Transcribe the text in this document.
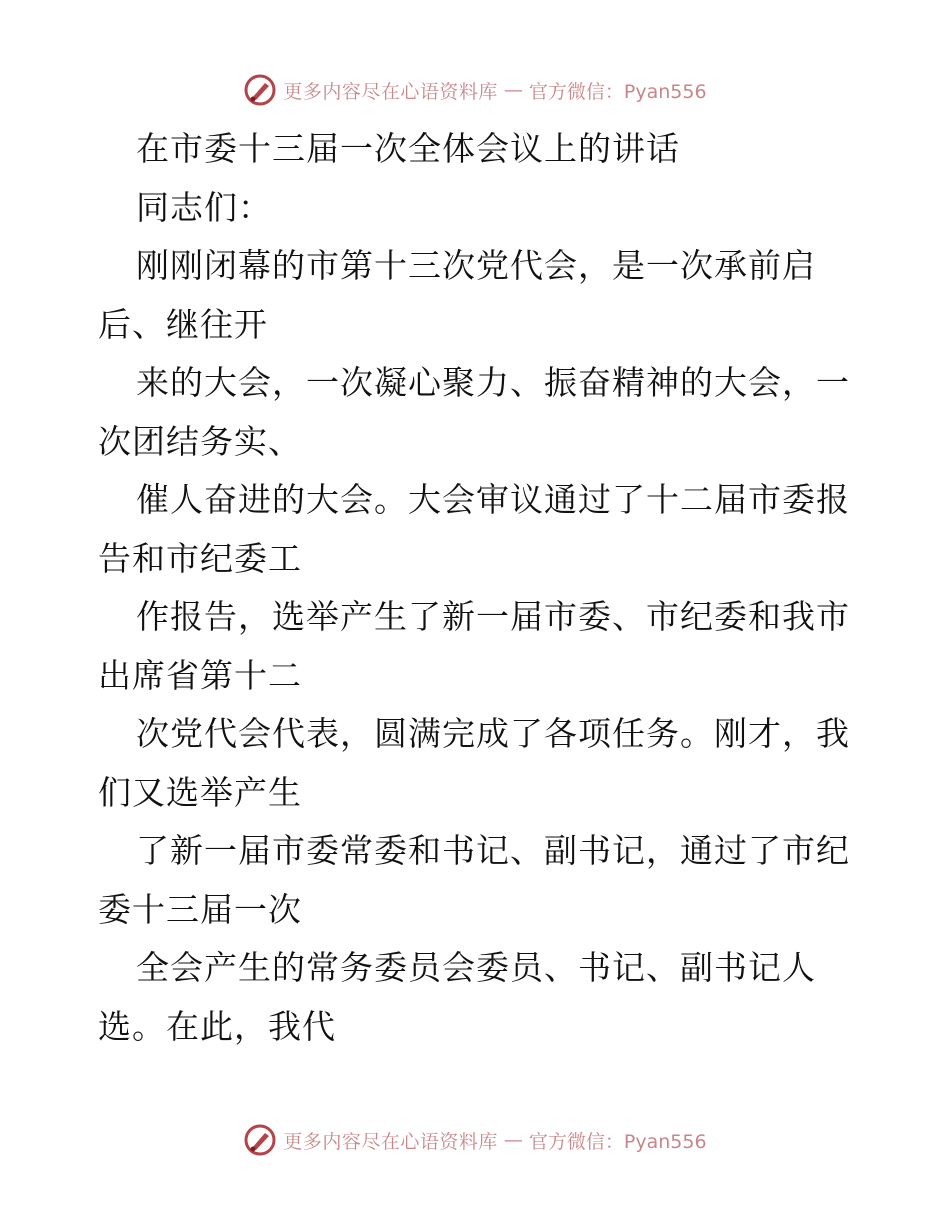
更多内容尽在心语资料库 — 官方微信：Pyan556
在市委十三届一次全体会议上的讲话
同志们：
刚刚闭幕的市第十三次党代会，是一次承前启
后、继往开
来的大会，一次凝心聚力、振奋精神的大会，一
次团结务实、
催人奋进的大会。大会审议通过了十二届市委报
告和市纪委工
作报告，选举产生了新一届市委、市纪委和我市
出席省第十二
次党代会代表，圆满完成了各项任务。刚才，我
们又选举产生
了新一届市委常委和书记、副书记，通过了市纪
委十三届一次
全会产生的常务委员会委员、书记、副书记人
选。在此，我代
更多内容尽在心语资料库 — 官方微信：Pyan556
